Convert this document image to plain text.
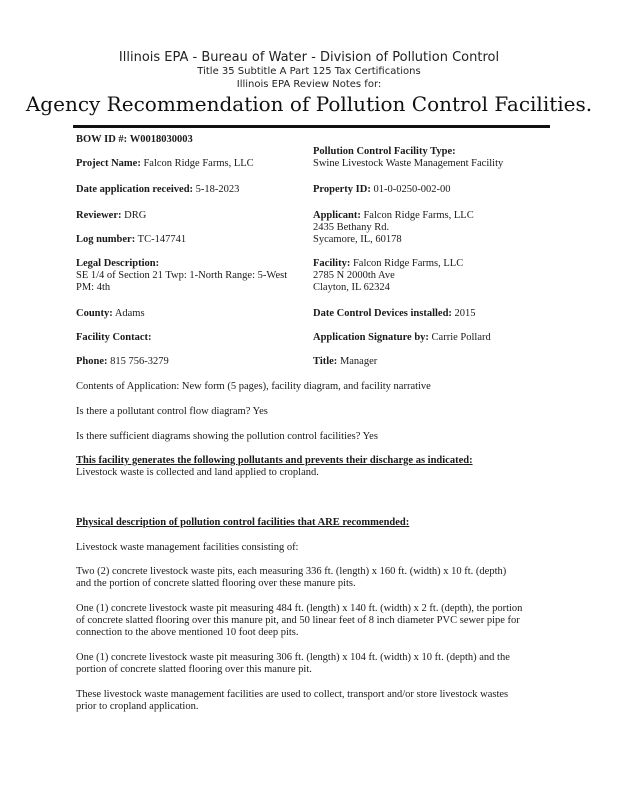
Illinois EPA - Bureau of Water - Division of Pollution Control
Title 35 Subtitle A Part 125 Tax Certifications
Illinois EPA Review Notes for:
Agency Recommendation of Pollution Control Facilities.
BOW ID #: W0018030003
Project Name: Falcon Ridge Farms, LLC
Date application received: 5-18-2023
Reviewer: DRG
Log number: TC-147741
Legal Description:
SE 1/4 of Section 21 Twp: 1-North Range: 5-West
PM: 4th
County: Adams
Facility Contact:
Phone: 815 756-3279
Pollution Control Facility Type:
Swine Livestock Waste Management Facility
Property ID: 01-0-0250-002-00
Applicant: Falcon Ridge Farms, LLC
2435 Bethany Rd.
Sycamore, IL, 60178
Facility: Falcon Ridge Farms, LLC
2785 N 2000th Ave
Clayton, IL 62324
Date Control Devices installed: 2015
Application Signature by: Carrie Pollard
Title: Manager
Contents of Application: New form (5 pages), facility diagram, and facility narrative
Is there a pollutant control flow diagram? Yes
Is there sufficient diagrams showing the pollution control facilities? Yes
This facility generates the following pollutants and prevents their discharge as indicated:
Livestock waste is collected and land applied to cropland.
Physical description of pollution control facilities that ARE recommended:
Livestock waste management facilities consisting of:
Two (2) concrete livestock waste pits, each measuring 336 ft. (length) x 160 ft. (width) x 10 ft. (depth)
and the portion of concrete slatted flooring over these manure pits.
One (1) concrete livestock waste pit measuring 484 ft. (length) x 140 ft. (width) x 2 ft. (depth), the portion
of concrete slatted flooring over this manure pit, and 50 linear feet of 8 inch diameter PVC sewer pipe for
connection to the above mentioned 10 foot deep pits.
One (1) concrete livestock waste pit measuring 306 ft. (length) x 104 ft. (width) x 10 ft. (depth) and the
portion of concrete slatted flooring over this manure pit.
These livestock waste management facilities are used to collect, transport and/or store livestock wastes
prior to cropland application.
